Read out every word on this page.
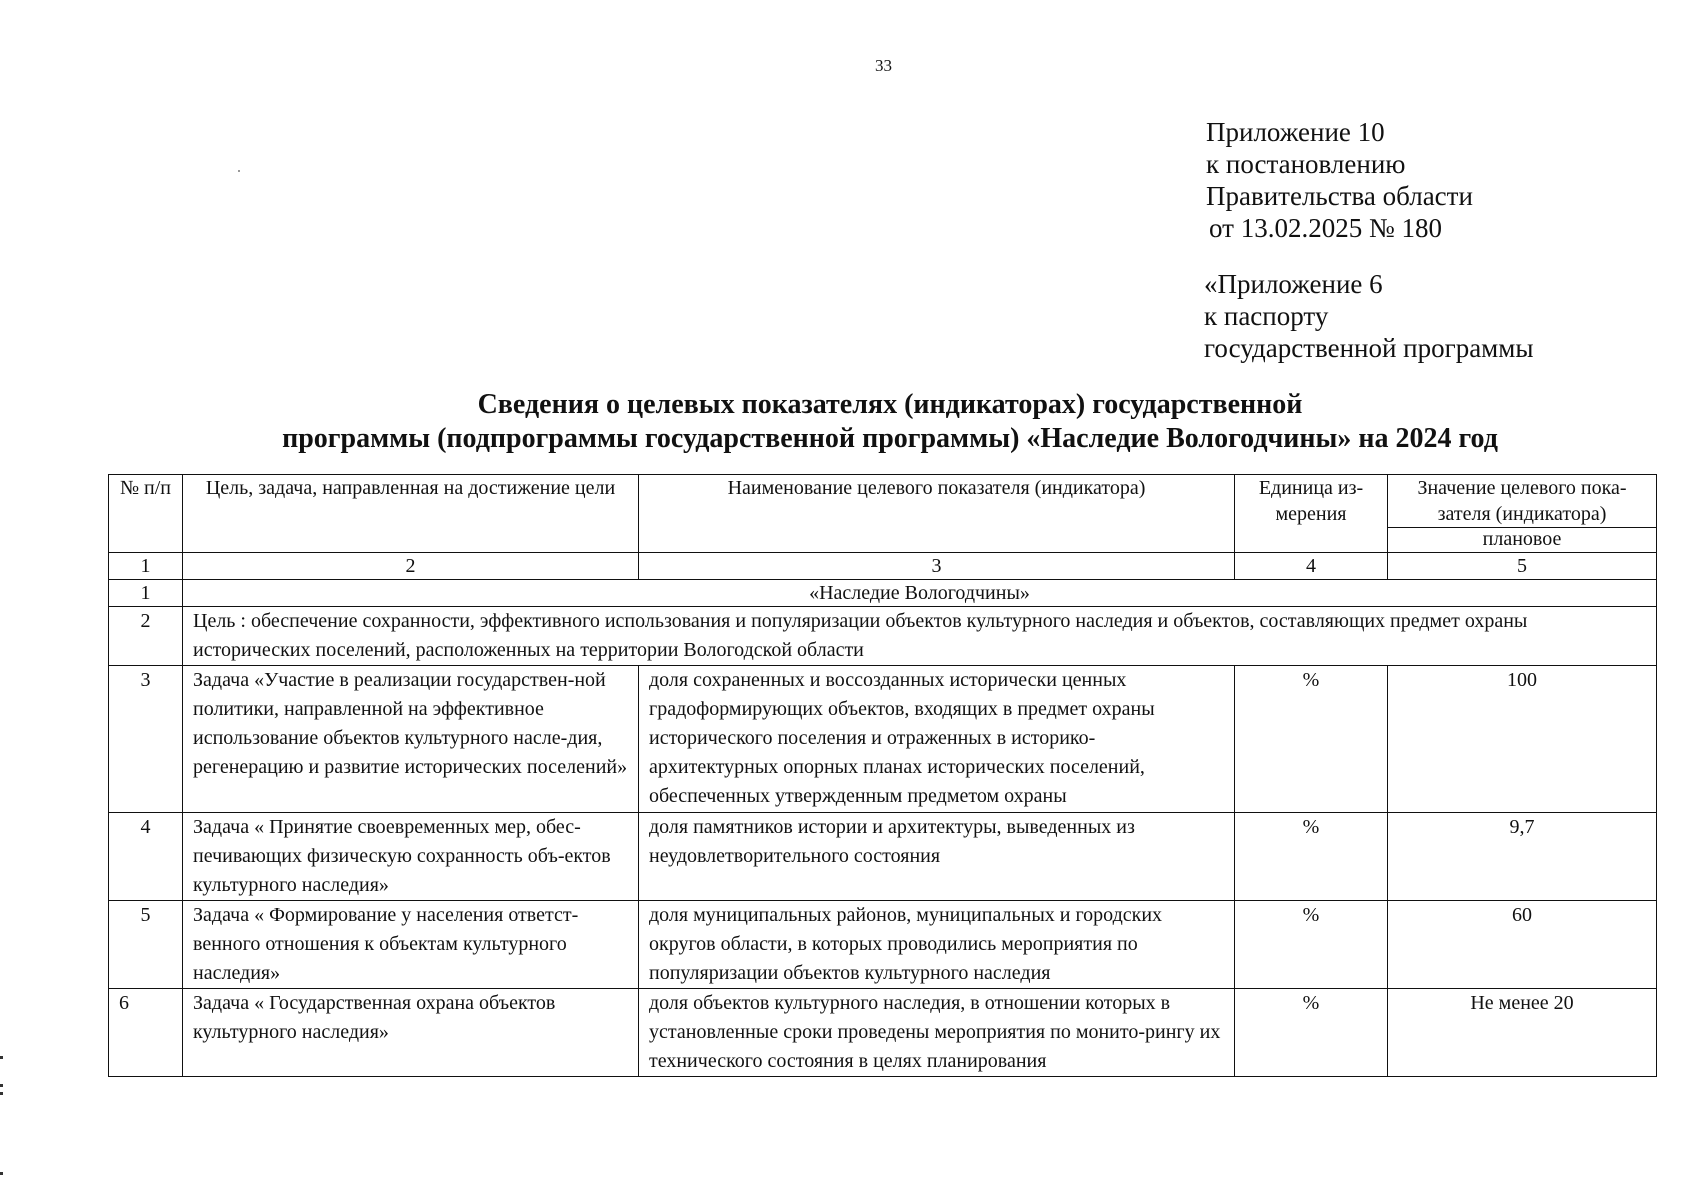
33
Приложение 10
к постановлению
Правительства области
от 13.02.2025 № 180
«Приложение 6
к паспорту
государственной программы
Сведения о целевых показателях (индикаторах) государственной
программы (подпрограммы государственной программы) «Наследие Вологодчины» на 2024 год
№ п/п	Цель, задача, направленная на достижение цели	Наименование целевого показателя (индикатора)	Единица из-мерения	Значение целевого пока-зателя (индикатора)
				плановое
1	2	3	4	5
1	«Наследие Вологодчины»			
2	Цель : обеспечение сохранности, эффективного использования и популяризации объектов культурного наследия и объектов, составляющих предмет охраны исторических поселений, расположенных на территории Вологодской области			
3	Задача «Участие в реализации государствен-ной политики, направленной на эффективное использование объектов культурного насле-дия, регенерацию и развитие исторических поселений»	доля сохраненных и воссозданных исторически ценных градоформирующих объектов, входящих в предмет охраны исторического поселения и отраженных в историко-архитектурных опорных планах исторических поселений, обеспеченных утвержденным предметом охраны	%	100
4	Задача « Принятие своевременных мер, обес-печивающих физическую сохранность объ-ектов культурного наследия»	доля памятников истории и архитектуры, выведенных из неудовлетворительного состояния	%	9,7
5	Задача « Формирование у населения ответст-венного отношения к объектам культурного наследия»	доля муниципальных районов, муниципальных и городских округов области, в которых проводились мероприятия по популяризации объектов культурного наследия	%	60
6	Задача « Государственная охрана объектов культурного наследия»	доля объектов культурного наследия, в отношении которых в установленные сроки проведены мероприятия по монито-рингу их технического состояния в целях планирования	%	Не менее 20
